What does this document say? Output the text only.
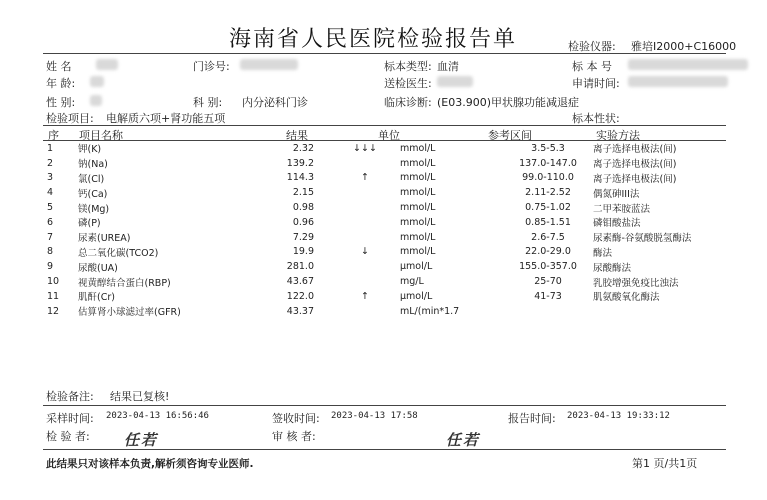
海南省人民医院检验报告单	检验仪器: 雅培I2000+C16000
姓 名	门诊号:	标本类型: 血清	标 本 号
年 龄:	送检医生:	申请时间:
性 别:	科 别: 内分泌科门诊	临床诊断: (E03.900)甲状腺功能减退症
检验项目: 电解质六项+肾功能五项	标本性状:
序 项目名称	结果	单位	参考区间	实验方法
1	钾(K)	2.32	↓↓↓	mmol/L	3.5-5.3	离子选择电极法(间)
2	钠(Na)	139.2		mmol/L	137.0-147.0	离子选择电极法(间)
3	氯(Cl)	114.3	↑	mmol/L	99.0-110.0	离子选择电极法(间)
4	钙(Ca)	2.15		mmol/L	2.11-2.52	偶氮砷III法
5	镁(Mg)	0.98		mmol/L	0.75-1.02	二甲苯胺蓝法
6	磷(P)	0.96		mmol/L	0.85-1.51	磷钼酸盐法
7	尿素(UREA)	7.29		mmol/L	2.6-7.5	尿素酶-谷氨酸脱氢酶法
8	总二氧化碳(TCO2)	19.9	↓	mmol/L	22.0-29.0	酶法
9	尿酸(UA)	281.0		μmol/L	155.0-357.0	尿酸酶法
10	视黄醇结合蛋白(RBP)	43.67		mg/L	25-70	乳胶增强免疫比浊法
11	肌酐(Cr)	122.0	↑	μmol/L	41-73	肌氨酸氧化酶法
12	估算肾小球滤过率(GFR)	43.37		mL/(min*1.7		
检验备注: 结果已复核!
采样时间: 2023-04-13 16:56:46	签收时间: 2023-04-13 17:58	报告时间: 2023-04-13 19:33:12
检 验 者: 任若	审 核 者:	任若
此结果只对该样本负责,解析须咨询专业医师.	第1 页/共1页
